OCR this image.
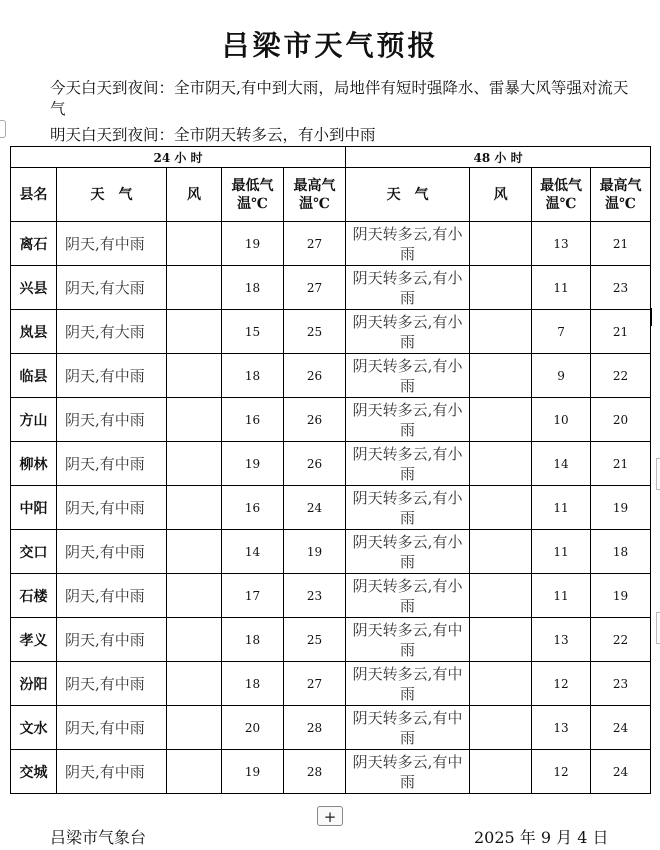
吕梁市天气预报
今天白天到夜间：全市阴天,有中到大雨，局地伴有短时强降水、雷暴大风等强对流天气
明天白天到夜间：全市阴天转多云，有小到中雨
24 小 时					48 小 时			
县名	天　气	风	最低气温℃	最高气温℃	天　气	风	最低气温℃	最高气温℃
离石	阴天,有中雨		19	27	阴天转多云,有小雨		13	21
兴县	阴天,有大雨		18	27	阴天转多云,有小雨		11	23
岚县	阴天,有大雨		15	25	阴天转多云,有小雨		7	21
临县	阴天,有中雨		18	26	阴天转多云,有小雨		9	22
方山	阴天,有中雨		16	26	阴天转多云,有小雨		10	20
柳林	阴天,有中雨		19	26	阴天转多云,有小雨		14	21
中阳	阴天,有中雨		16	24	阴天转多云,有小雨		11	19
交口	阴天,有中雨		14	19	阴天转多云,有小雨		11	18
石楼	阴天,有中雨		17	23	阴天转多云,有小雨		11	19
孝义	阴天,有中雨		18	25	阴天转多云,有中雨		13	22
汾阳	阴天,有中雨		18	27	阴天转多云,有中雨		12	23
文水	阴天,有中雨		20	28	阴天转多云,有中雨		13	24
交城	阴天,有中雨		19	28	阴天转多云,有中雨		12	24
+
吕梁市气象台	2025 年 9 月 4 日
